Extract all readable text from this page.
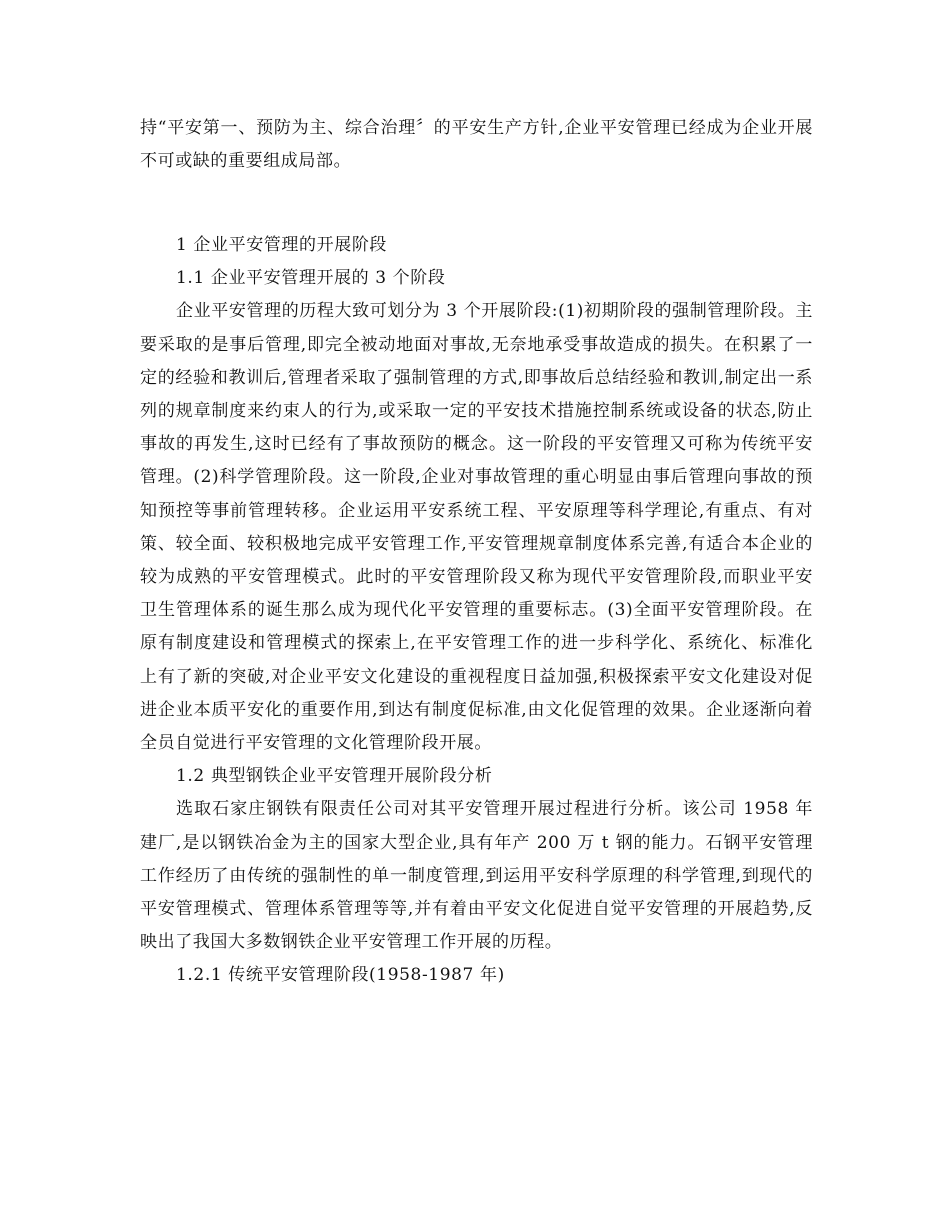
持“平安第一、预防为主、综合治理〞的平安生产方针,企业平安管理已经成为企业开展不可或缺的重要组成局部。

1 企业平安管理的开展阶段

1.1 企业平安管理开展的 3 个阶段

企业平安管理的历程大致可划分为 3 个开展阶段:(1)初期阶段的强制管理阶段。主要采取的是事后管理,即完全被动地面对事故,无奈地承受事故造成的损失。在积累了一定的经验和教训后,管理者采取了强制管理的方式,即事故后总结经验和教训,制定出一系列的规章制度来约束人的行为,或采取一定的平安技术措施控制系统或设备的状态,防止事故的再发生,这时已经有了事故预防的概念。这一阶段的平安管理又可称为传统平安管理。(2)科学管理阶段。这一阶段,企业对事故管理的重心明显由事后管理向事故的预知预控等事前管理转移。企业运用平安系统工程、平安原理等科学理论,有重点、有对策、较全面、较积极地完成平安管理工作,平安管理规章制度体系完善,有适合本企业的较为成熟的平安管理模式。此时的平安管理阶段又称为现代平安管理阶段,而职业平安卫生管理体系的诞生那么成为现代化平安管理的重要标志。(3)全面平安管理阶段。在原有制度建设和管理模式的探索上,在平安管理工作的进一步科学化、系统化、标准化上有了新的突破,对企业平安文化建设的重视程度日益加强,积极探索平安文化建设对促进企业本质平安化的重要作用,到达有制度促标准,由文化促管理的效果。企业逐渐向着全员自觉进行平安管理的文化管理阶段开展。

1.2 典型钢铁企业平安管理开展阶段分析

选取石家庄钢铁有限责任公司对其平安管理开展过程进行分析。该公司 1958 年建厂,是以钢铁冶金为主的国家大型企业,具有年产 200 万 t 钢的能力。石钢平安管理工作经历了由传统的强制性的单一制度管理,到运用平安科学原理的科学管理,到现代的平安管理模式、管理体系管理等等,并有着由平安文化促进自觉平安管理的开展趋势,反映出了我国大多数钢铁企业平安管理工作开展的历程。

1.2.1 传统平安管理阶段(1958-1987 年)
